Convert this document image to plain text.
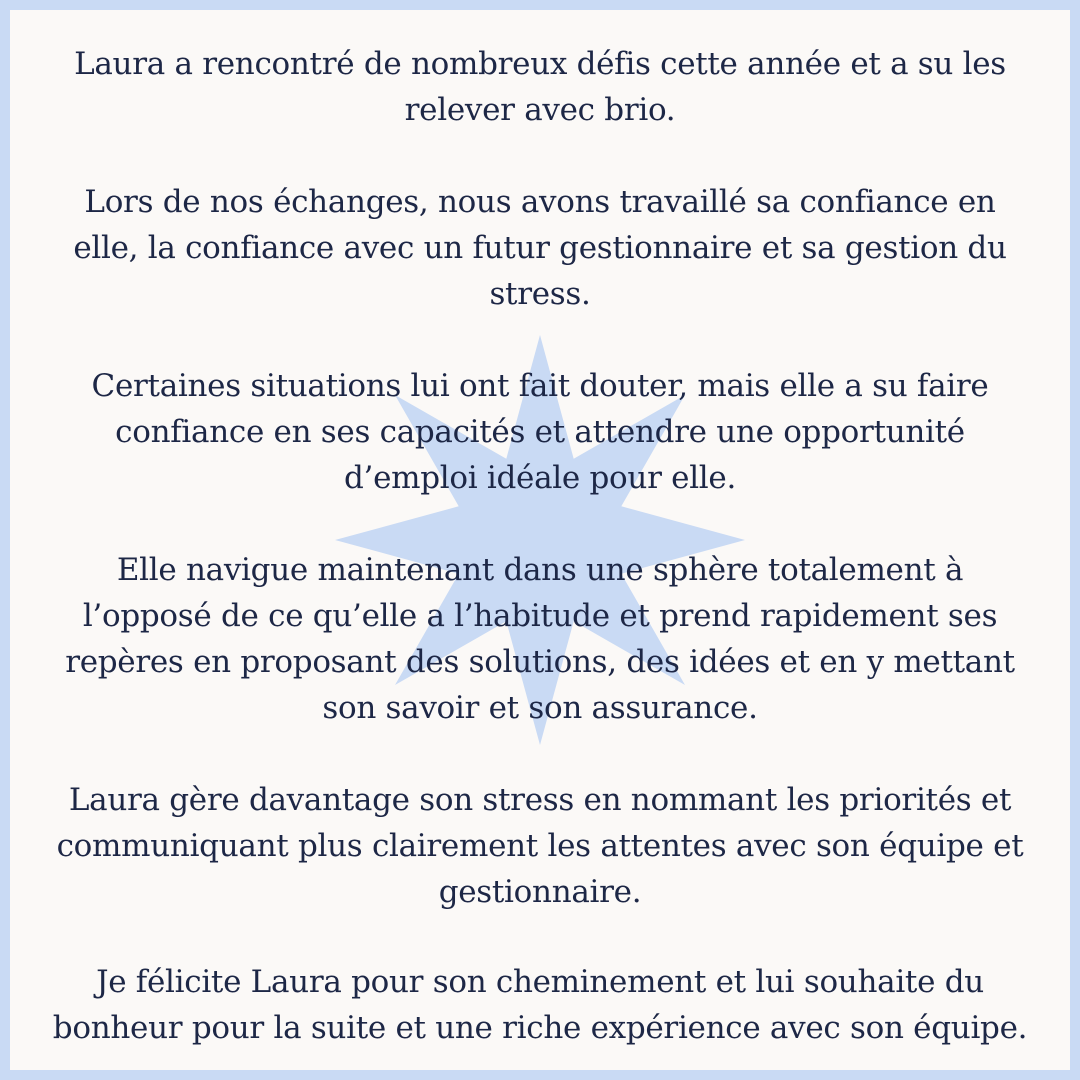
Laura a rencontré de nombreux défis cette année et a su les
relever avec brio.

Lors de nos échanges, nous avons travaillé sa confiance en
elle, la confiance avec un futur gestionnaire et sa gestion du
stress.

Certaines situations lui ont fait douter, mais elle a su faire
confiance en ses capacités et attendre une opportunité
d’emploi idéale pour elle.

Elle navigue maintenant dans une sphère totalement à
l’opposé de ce qu’elle a l’habitude et prend rapidement ses
repères en proposant des solutions, des idées et en y mettant
son savoir et son assurance.

Laura gère davantage son stress en nommant les priorités et
communiquant plus clairement les attentes avec son équipe et
gestionnaire.

Je félicite Laura pour son cheminement et lui souhaite du
bonheur pour la suite et une riche expérience avec son équipe.
